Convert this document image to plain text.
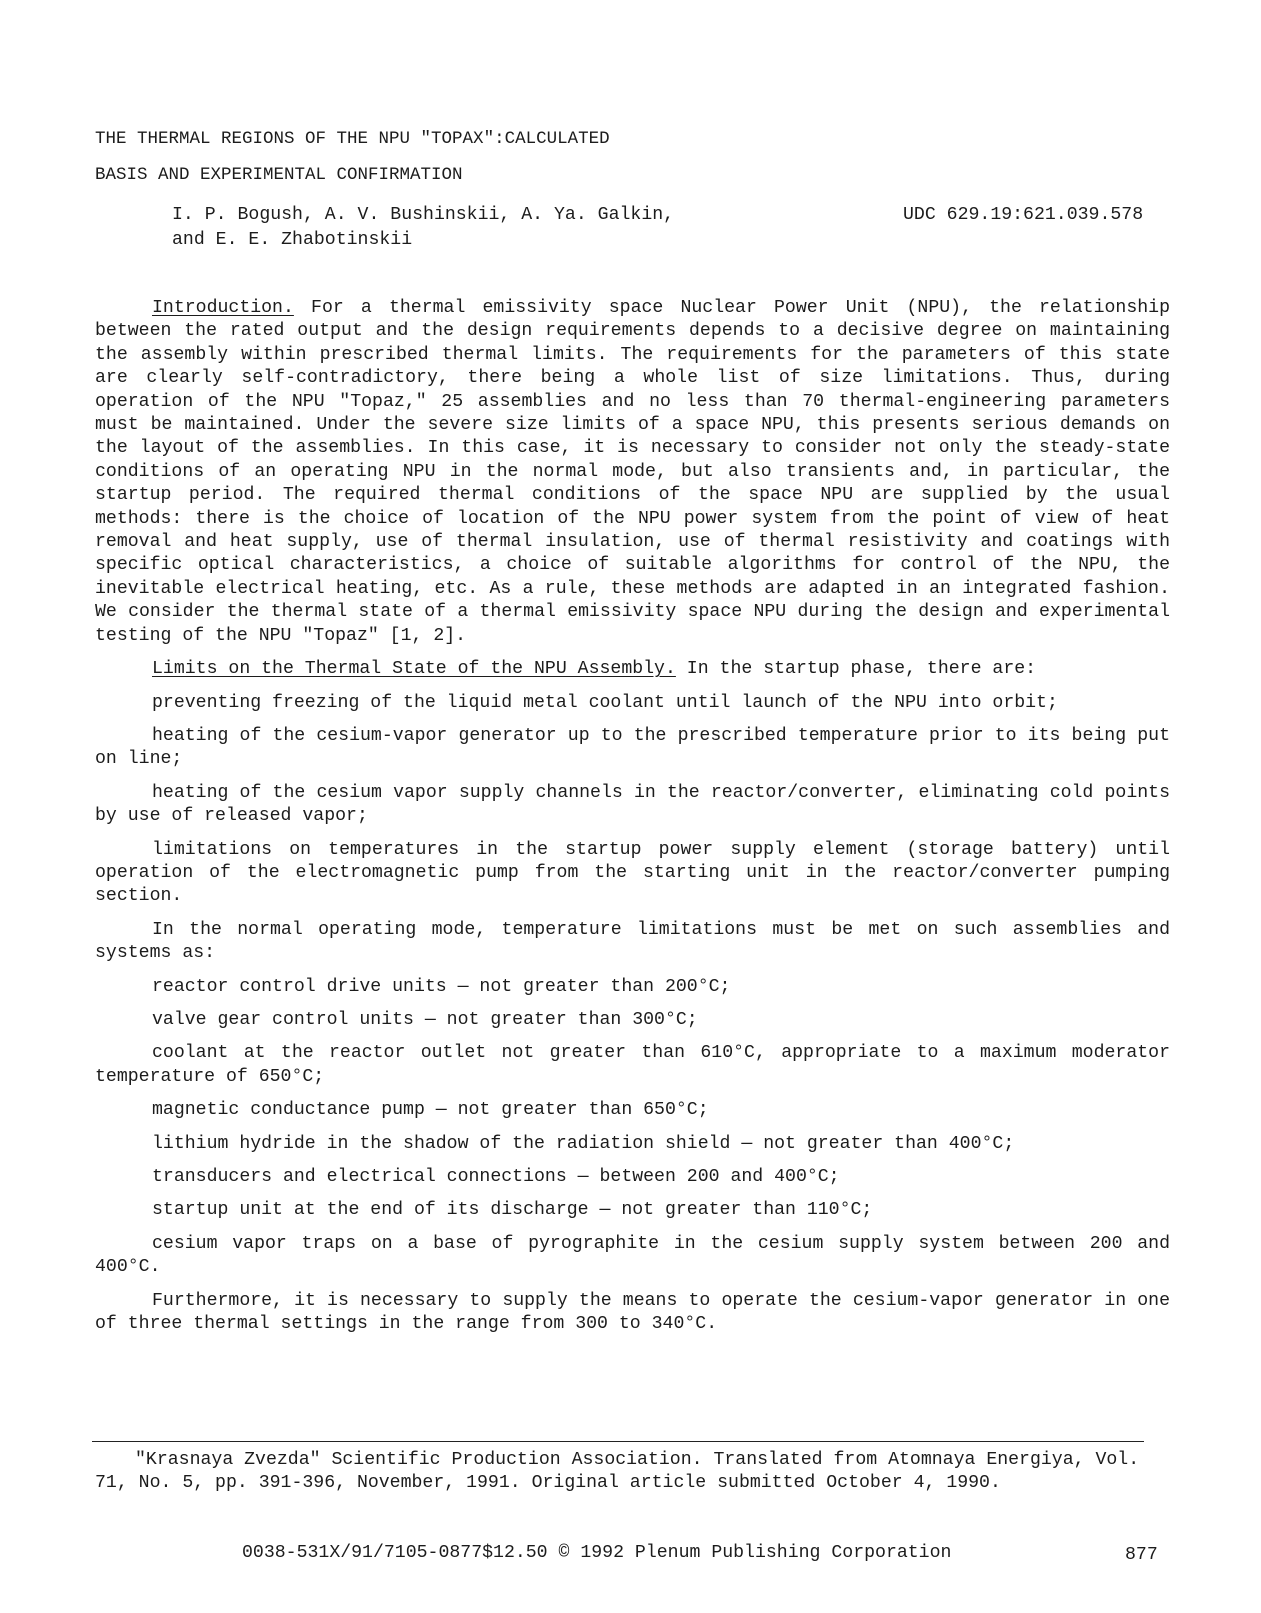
THE THERMAL REGIONS OF THE NPU "TOPAX":CALCULATED
BASIS AND EXPERIMENTAL CONFIRMATION
I. P. Bogush, A. V. Bushinskii, A. Ya. Galkin,
and E. E. Zhabotinskii
UDC 629.19:621.039.578

Introduction. For a thermal emissivity space Nuclear Power Unit (NPU), the relationship between the rated output and the design requirements depends to a decisive degree on maintaining the assembly within prescribed thermal limits. The requirements for the parameters of this state are clearly self-contradictory, there being a whole list of size limitations. Thus, during operation of the NPU "Topaz," 25 assemblies and no less than 70 thermal-engineering parameters must be maintained. Under the severe size limits of a space NPU, this presents serious demands on the layout of the assemblies. In this case, it is necessary to consider not only the steady-state conditions of an operating NPU in the normal mode, but also transients and, in particular, the startup period. The required thermal conditions of the space NPU are supplied by the usual methods: there is the choice of location of the NPU power system from the point of view of heat removal and heat supply, use of thermal insulation, use of thermal resistivity and coatings with specific optical characteristics, a choice of suitable algorithms for control of the NPU, the inevitable electrical heating, etc. As a rule, these methods are adapted in an integrated fashion. We consider the thermal state of a thermal emissivity space NPU during the design and experimental testing of the NPU "Topaz" [1, 2].

Limits on the Thermal State of the NPU Assembly. In the startup phase, there are:

preventing freezing of the liquid metal coolant until launch of the NPU into orbit;

heating of the cesium-vapor generator up to the prescribed temperature prior to its being put on line;

heating of the cesium vapor supply channels in the reactor/converter, eliminating cold points by use of released vapor;

limitations on temperatures in the startup power supply element (storage battery) until operation of the electromagnetic pump from the starting unit in the reactor/converter pumping section.

In the normal operating mode, temperature limitations must be met on such assemblies and systems as:

reactor control drive units — not greater than 200°C;

valve gear control units — not greater than 300°C;

coolant at the reactor outlet not greater than 610°C, appropriate to a maximum moderator temperature of 650°C;

magnetic conductance pump — not greater than 650°C;

lithium hydride in the shadow of the radiation shield — not greater than 400°C;

transducers and electrical connections — between 200 and 400°C;

startup unit at the end of its discharge — not greater than 110°C;

cesium vapor traps on a base of pyrographite in the cesium supply system between 200 and 400°C.

Furthermore, it is necessary to supply the means to operate the cesium-vapor generator in one of three thermal settings in the range from 300 to 340°C.

"Krasnaya Zvezda" Scientific Production Association. Translated from Atomnaya Energiya, Vol. 71, No. 5, pp. 391-396, November, 1991. Original article submitted October 4, 1990.

0038-531X/91/7105-0877$12.50 © 1992 Plenum Publishing Corporation	877
